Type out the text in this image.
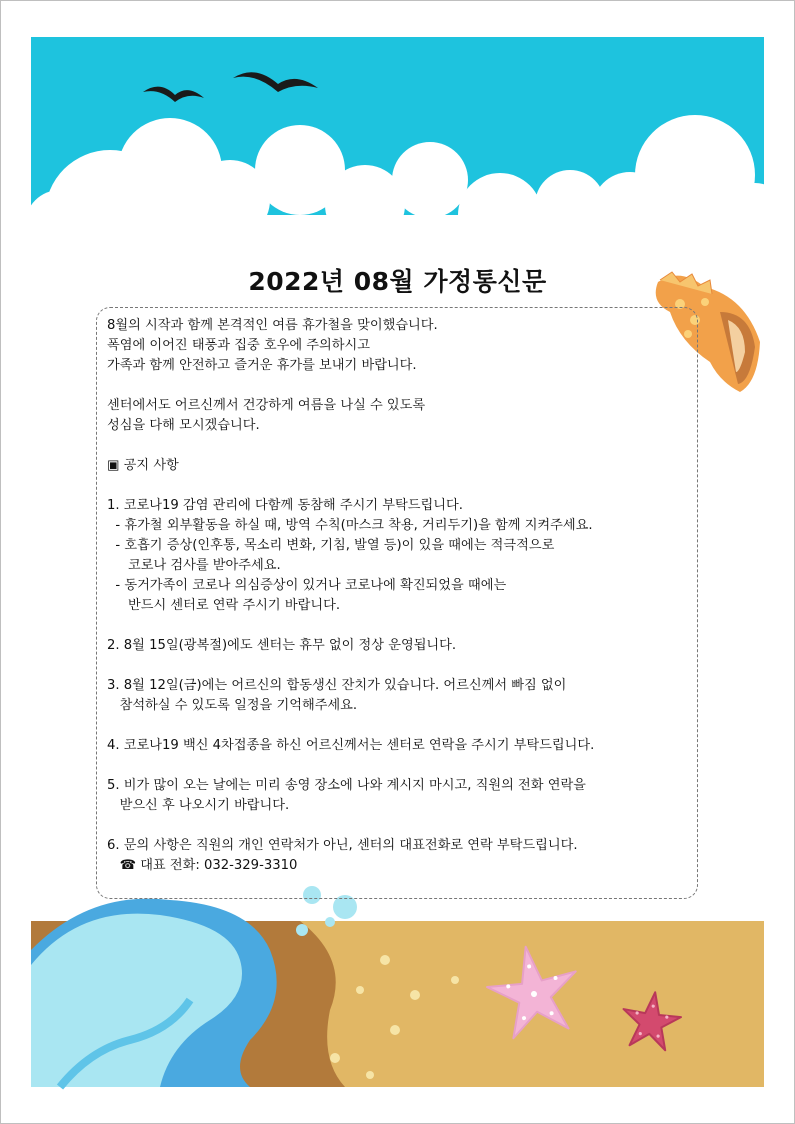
2022년 08월 가정통신문
8월의 시작과 함께 본격적인 여름 휴가철을 맞이했습니다.
폭염에 이어진 태풍과 집중 호우에 주의하시고
가족과 함께 안전하고 즐거운 휴가를 보내기 바랍니다.
센터에서도 어르신께서 건강하게 여름을 나실 수 있도록
성심을 다해 모시겠습니다.
▣ 공지 사항
1. 코로나19 감염 관리에 다함께 동참해 주시기 부탁드립니다.
- 휴가철 외부활동을 하실 때, 방역 수칙(마스크 착용, 거리두기)을 함께 지켜주세요.
- 호흡기 증상(인후통, 목소리 변화, 기침, 발열 등)이 있을 때에는 적극적으로
코로나 검사를 받아주세요.
- 동거가족이 코로나 의심증상이 있거나 코로나에 확진되었을 때에는
반드시 센터로 연락 주시기 바랍니다.
2. 8월 15일(광복절)에도 센터는 휴무 없이 정상 운영됩니다.
3. 8월 12일(금)에는 어르신의 합동생신 잔치가 있습니다. 어르신께서 빠짐 없이
참석하실 수 있도록 일정을 기억해주세요.
4. 코로나19 백신 4차접종을 하신 어르신께서는 센터로 연락을 주시기 부탁드립니다.
5. 비가 많이 오는 날에는 미리 송영 장소에 나와 계시지 마시고, 직원의 전화 연락을
받으신 후 나오시기 바랍니다.
6. 문의 사항은 직원의 개인 연락처가 아닌, 센터의 대표전화로 연락 부탁드립니다.
☎ 대표 전화: 032-329-3310
